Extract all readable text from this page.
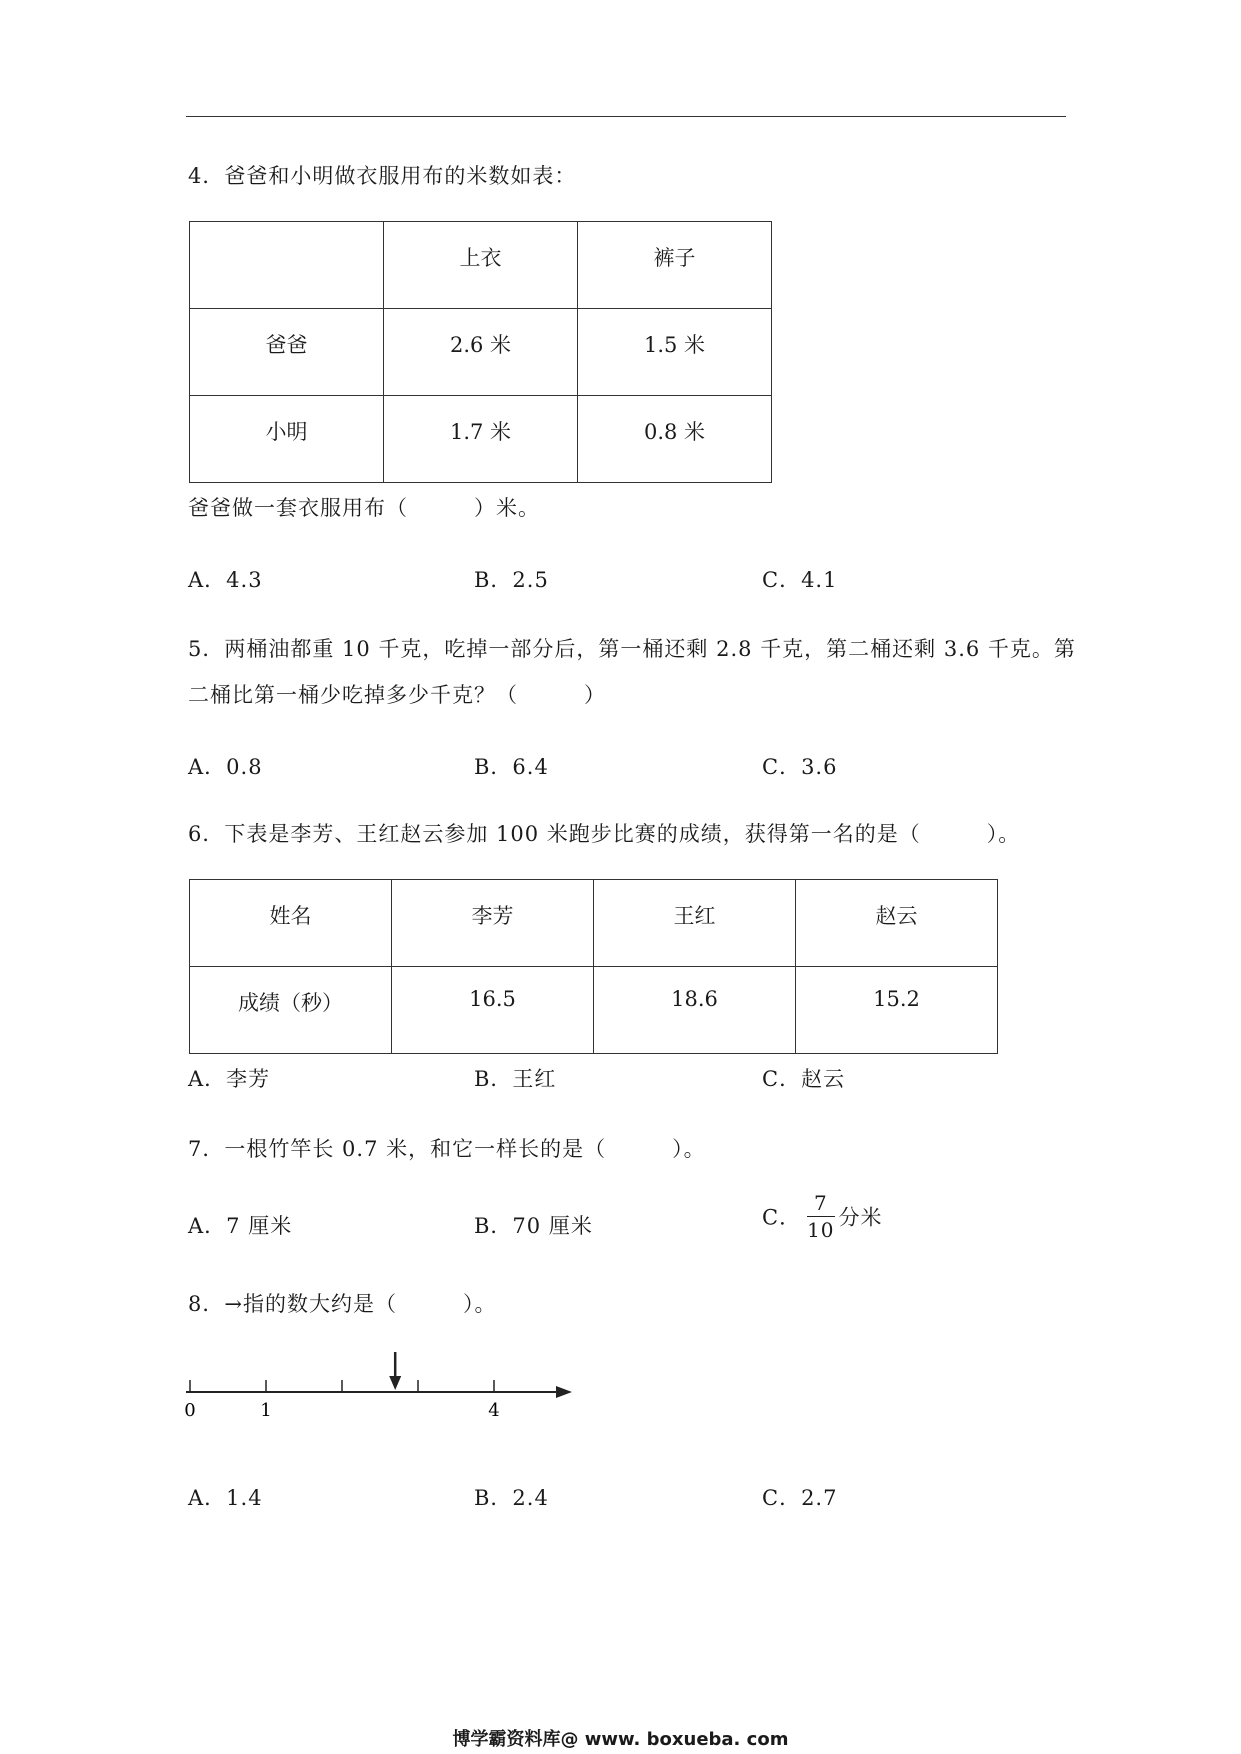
4．爸爸和小明做衣服用布的米数如表：
	上衣	裤子
爸爸	2.6 米	1.5 米
小明	1.7 米	0.8 米
爸爸做一套衣服用布（　　　）米。
A．4.3	B．2.5	C．4.1
5．两桶油都重 10 千克，吃掉一部分后，第一桶还剩 2.8 千克，第二桶还剩 3.6 千克。第
二桶比第一桶少吃掉多少千克？（　　　）
A．0.8	B．6.4	C．3.6
6．下表是李芳、王红赵云参加 100 米跑步比赛的成绩，获得第一名的是（　　　）。
姓名	李芳	王红	赵云
成绩（秒）	16.5	18.6	15.2
A．李芳	B．王红	C．赵云
7．一根竹竿长 0.7 米，和它一样长的是（　　　）。
A．7 厘米	B．70 厘米	C． $\frac{7}{10}$ 分米
8．→指的数大约是（　　　）。
0	1	4
A．1.4	B．2.4	C．2.7
博学霸资料库@ www. boxueba. com
